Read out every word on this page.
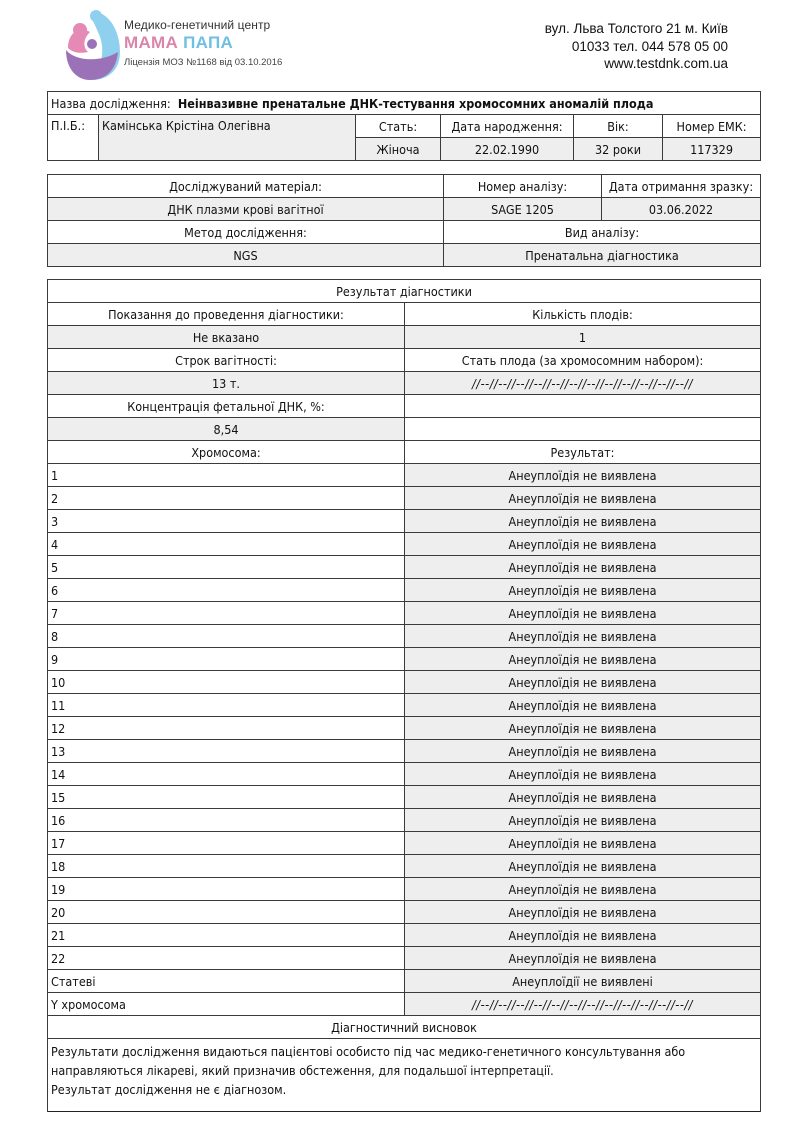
Медико-генетичний центр
МАМА ПАПА
Ліцензія МОЗ №1168 від 03.10.2016
вул. Льва Толстого 21 м. Київ
01033 тел. 044 578 05 00
www.testdnk.com.ua
Назва дослідження: Неінвазивне пренатальне ДНК-тестування хромосомних аномалій плода					
П.І.Б.:	Камінська Крістіна Олегівна	Стать:	Дата народження:	Вік:	Номер ЕМК:
		Жіноча	22.02.1990	32 роки	117329
Досліджуваний матеріал:	Номер аналізу:	Дата отримання зразку:
ДНК плазми крові вагітної	SAGE 1205	03.06.2022
Метод дослідження:	Вид аналізу:	
NGS	Пренатальна діагностика	
Результат діагностики	
Показання до проведення діагностики:	Кількість плодів:
Не вказано	1
Строк вагітності:	Стать плода (за хромосомним набором):
13 т.	//--//--//--//--//--//--//--//--//--//--//--//--//
Концентрація фетальної ДНК, %:	
8,54	
Хромосома:	Результат:
1	Анеуплоїдія не виявлена
2	Анеуплоїдія не виявлена
3	Анеуплоїдія не виявлена
4	Анеуплоїдія не виявлена
5	Анеуплоїдія не виявлена
6	Анеуплоїдія не виявлена
7	Анеуплоїдія не виявлена
8	Анеуплоїдія не виявлена
9	Анеуплоїдія не виявлена
10	Анеуплоїдія не виявлена
11	Анеуплоїдія не виявлена
12	Анеуплоїдія не виявлена
13	Анеуплоїдія не виявлена
14	Анеуплоїдія не виявлена
15	Анеуплоїдія не виявлена
16	Анеуплоїдія не виявлена
17	Анеуплоїдія не виявлена
18	Анеуплоїдія не виявлена
19	Анеуплоїдія не виявлена
20	Анеуплоїдія не виявлена
21	Анеуплоїдія не виявлена
22	Анеуплоїдія не виявлена
Статеві	Анеуплоїдії не виявлені
Y хромосома	//--//--//--//--//--//--//--//--//--//--//--//--//
Діагностичний висновок	

Результати дослідження видаються пацієнтові особисто під час медико-генетичного консультування або
направляються лікареві, який призначив обстеження, для подальшої інтерпретації.
Результат дослідження не є діагнозом.	
